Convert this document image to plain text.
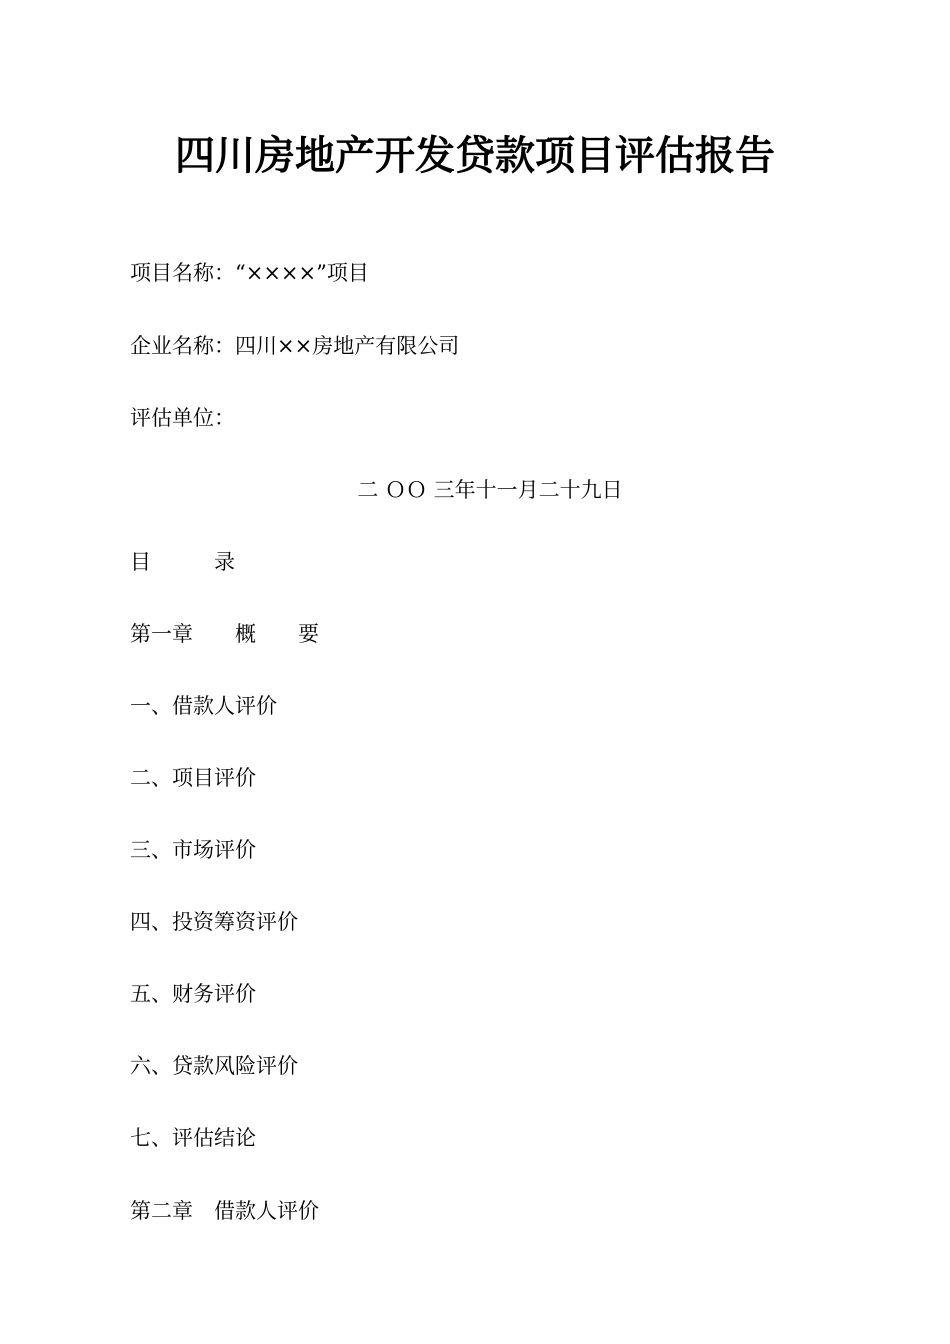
四川房地产开发贷款项目评估报告
项目名称：“××××”项目
企业名称：四川××房地产有限公司
评估单位：
二 ＯＯ 三年十一月二十九日
目　　　录
第一章　　概　　要
一、借款人评价
二、项目评价
三、市场评价
四、投资筹资评价
五、财务评价
六、贷款风险评价
七、评估结论
第二章　借款人评价
